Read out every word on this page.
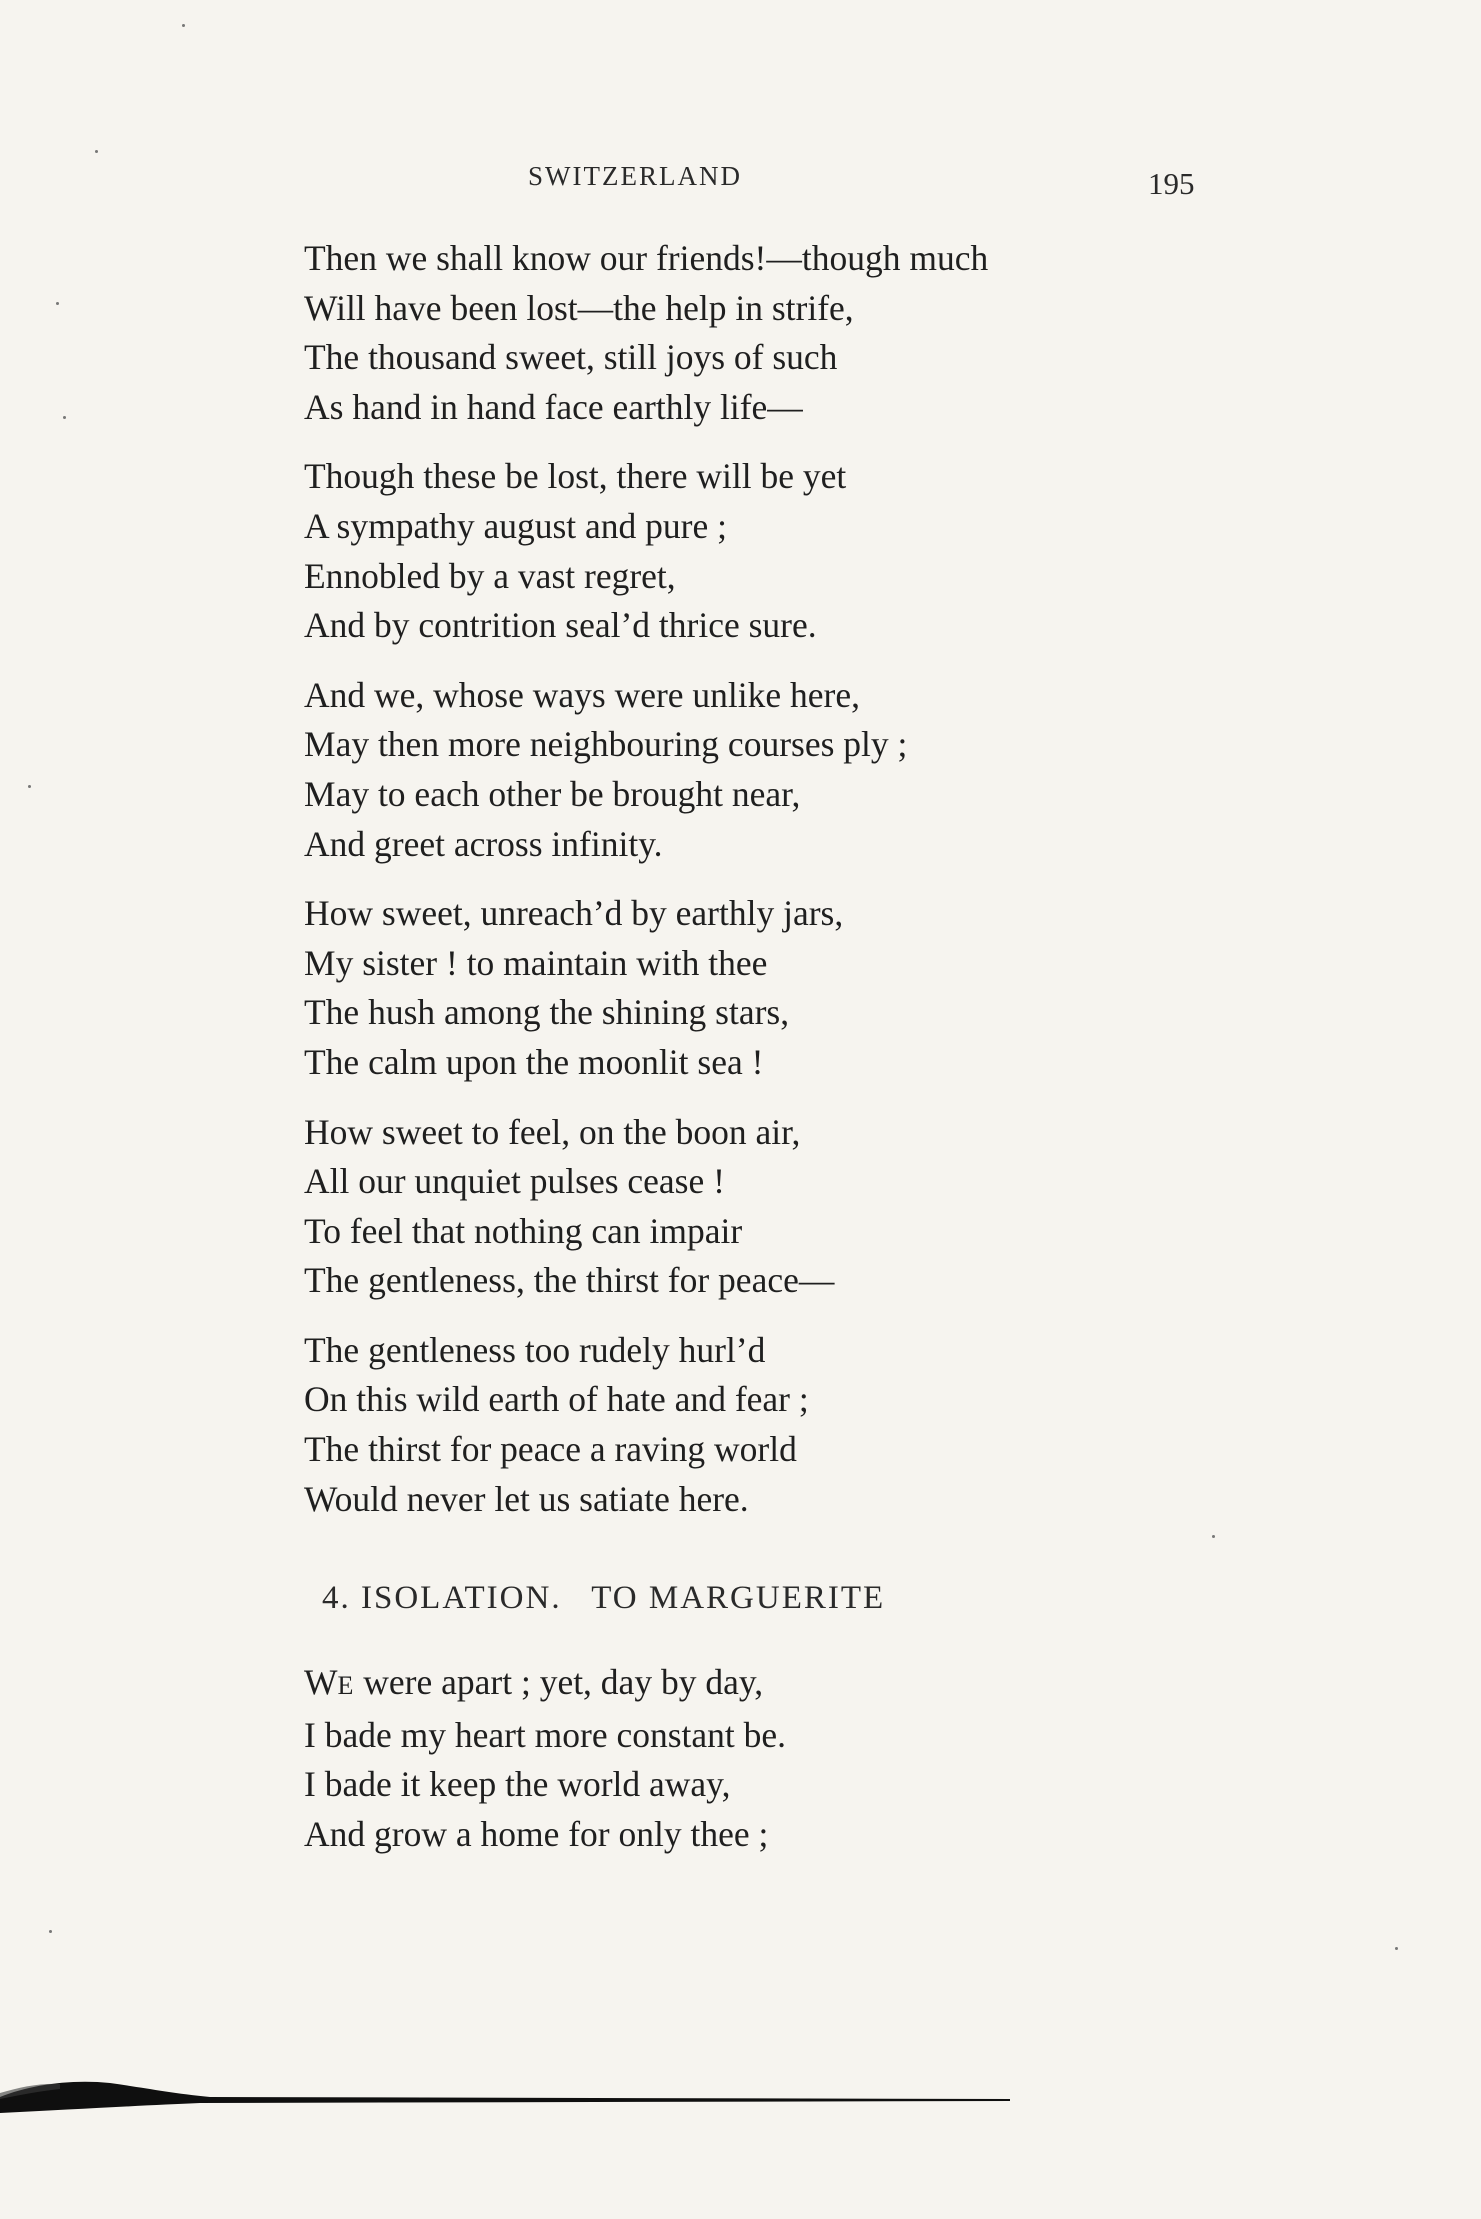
SWITZERLAND	195
Then we shall know our friends!—though much
Will have been lost—the help in strife,
The thousand sweet, still joys of such
As hand in hand face earthly life—
Though these be lost, there will be yet
A sympathy august and pure ;
Ennobled by a vast regret,
And by contrition seal’d thrice sure.
And we, whose ways were unlike here,
May then more neighbouring courses ply ;
May to each other be brought near,
And greet across infinity.
How sweet, unreach’d by earthly jars,
My sister ! to maintain with thee
The hush among the shining stars,
The calm upon the moonlit sea !
How sweet to feel, on the boon air,
All our unquiet pulses cease !
To feel that nothing can impair
The gentleness, the thirst for peace—
The gentleness too rudely hurl’d
On this wild earth of hate and fear ;
The thirst for peace a raving world
Would never let us satiate here.
4. ISOLATION. TO MARGUERITE
WE were apart ; yet, day by day,
I bade my heart more constant be.
I bade it keep the world away,
And grow a home for only thee ;
